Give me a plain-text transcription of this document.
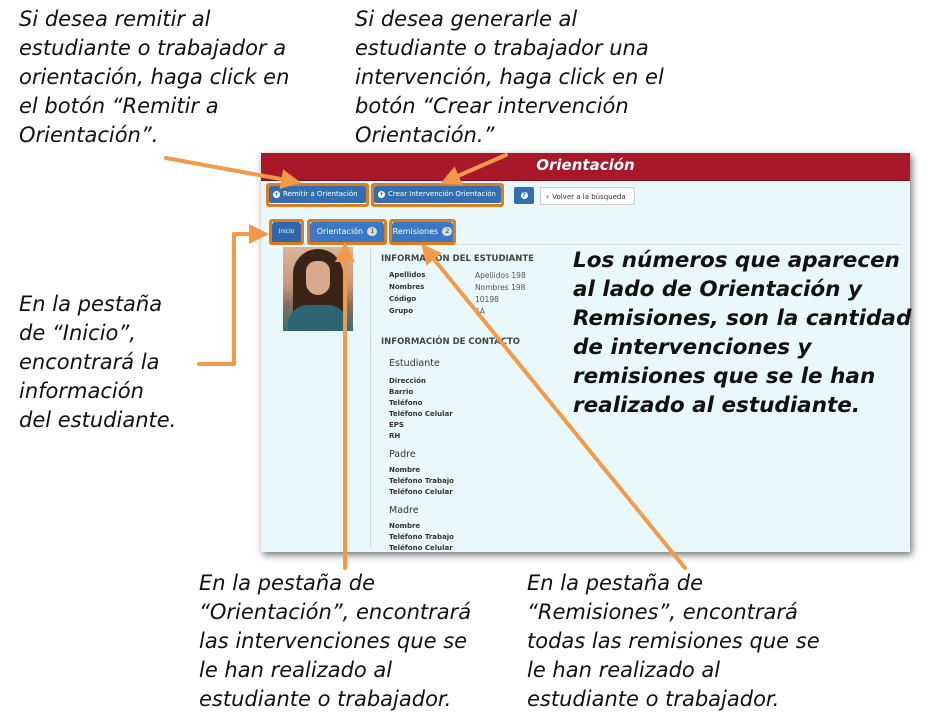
Si desea remitir al
estudiante o trabajador a
orientación, haga click en
el botón “Remitir a
Orientación”.
Si desea generarle al
estudiante o trabajador una
intervención, haga click en el
botón “Crear intervención
Orientación.”
En la pestaña
de “Inicio”,
encontrará la
información
del estudiante.
En la pestaña de
“Orientación”, encontrará
las intervenciones que se
le han realizado al
estudiante o trabajador.
En la pestaña de
“Remisiones”, encontrará
todas las remisiones que se
le han realizado al
estudiante o trabajador.
Orientación
+ Remitir a Orientación	+ Crear Intervención Orientación	?	‹ Volver a la búsqueda
Inicio	Orientación 1	Remisiones 2
INFORMACIÓN DEL ESTUDIANTE
Apellidos	Apellidos 198
Nombres	Nombres 198
Código	10198
Grupo	5A
INFORMACIÓN DE CONTACTO
Estudiante
Dirección
Barrio
Teléfono
Teléfono Celular
EPS
RH
Padre
Nombre
Teléfono Trabajo
Teléfono Celular
Madre
Nombre
Teléfono Trabajo
Teléfono Celular
Los números que aparecen
al lado de Orientación y
Remisiones, son la cantidad
de intervenciones y
remisiones que se le han
realizado al estudiante.
